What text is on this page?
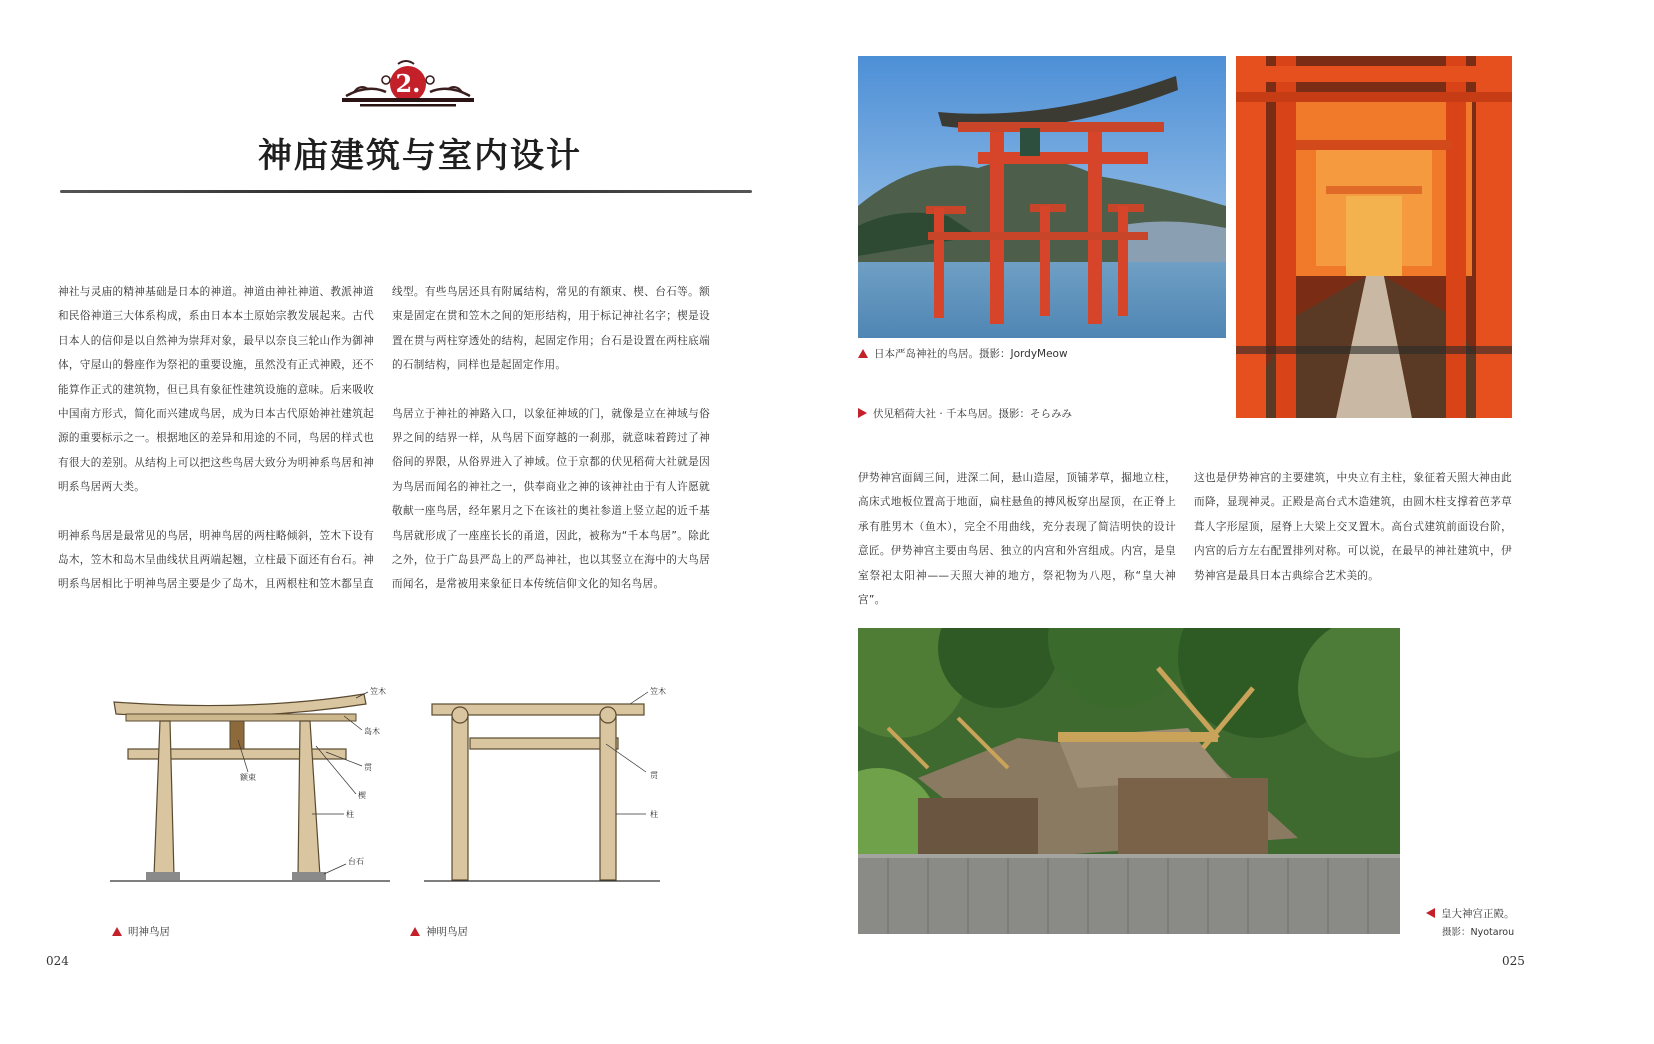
2.
神庙建筑与室内设计

神社与灵庙的精神基础是日本的神道。神道由神社神道、教派神道和民俗神道三大体系构成，系由日本本土原始宗教发展起来。古代日本人的信仰是以自然神为崇拜对象，最早以奈良三轮山作为御神体，守屋山的磐座作为祭祀的重要设施，虽然没有正式神殿，还不能算作正式的建筑物，但已具有象征性建筑设施的意味。后来吸收中国南方形式，简化而兴建成鸟居，成为日本古代原始神社建筑起源的重要标示之一。根据地区的差异和用途的不同，鸟居的样式也有很大的差别。从结构上可以把这些鸟居大致分为明神系鸟居和神明系鸟居两大类。

明神系鸟居是最常见的鸟居，明神鸟居的两柱略倾斜，笠木下设有岛木，笠木和岛木呈曲线状且两端起翘，立柱最下面还有台石。神明系鸟居相比于明神鸟居主要是少了岛木，且两根柱和笠木都呈直

线型。有些鸟居还具有附属结构，常见的有额束、楔、台石等。额束是固定在贯和笠木之间的矩形结构，用于标记神社名字；楔是设置在贯与两柱穿透处的结构，起固定作用；台石是设置在两柱底端的石制结构，同样也是起固定作用。

鸟居立于神社的神路入口，以象征神域的门，就像是立在神域与俗界之间的结界一样，从鸟居下面穿越的一刹那，就意味着跨过了神俗间的界限，从俗界进入了神域。位于京都的伏见稻荷大社就是因为鸟居而闻名的神社之一，供奉商业之神的该神社由于有人许愿就敬献一座鸟居，经年累月之下在该社的奥社参道上竖立起的近千基鸟居就形成了一座座长长的甬道，因此，被称为“千本鸟居”。除此之外，位于广岛县严岛上的严岛神社，也以其竖立在海中的大鸟居而闻名，是常被用来象征日本传统信仰文化的知名鸟居。

笠木
岛木
额束
贯
楔
柱
台石
笠木
贯
柱
明神鸟居	神明鸟居
024
日本严岛神社的鸟居。摄影：JordyMeow
伏见稻荷大社 · 千本鸟居。摄影：そらみみ

伊势神宫面阔三间，进深二间，悬山造屋，顶铺茅草，掘地立柱，高床式地板位置高于地面，扁柱悬鱼的搏风板穿出屋顶，在正脊上承有胜男木（鱼木），完全不用曲线，充分表现了简洁明快的设计意匠。伊势神宫主要由鸟居、独立的内宫和外宫组成。内宫，是皇室祭祀太阳神——天照大神的地方，祭祀物为八咫，称“皇大神宫”。

这也是伊势神宫的主要建筑，中央立有主柱，象征着天照大神由此而降，显现神灵。正殿是高台式木造建筑，由圆木柱支撑着芭茅草葺人字形屋顶，屋脊上大梁上交叉置木。高台式建筑前面设台阶，内宫的后方左右配置排列对称。可以说，在最早的神社建筑中，伊势神宫是最具日本古典综合艺术美的。

皇大神宫正殿。
摄影：Nyotarou
025
